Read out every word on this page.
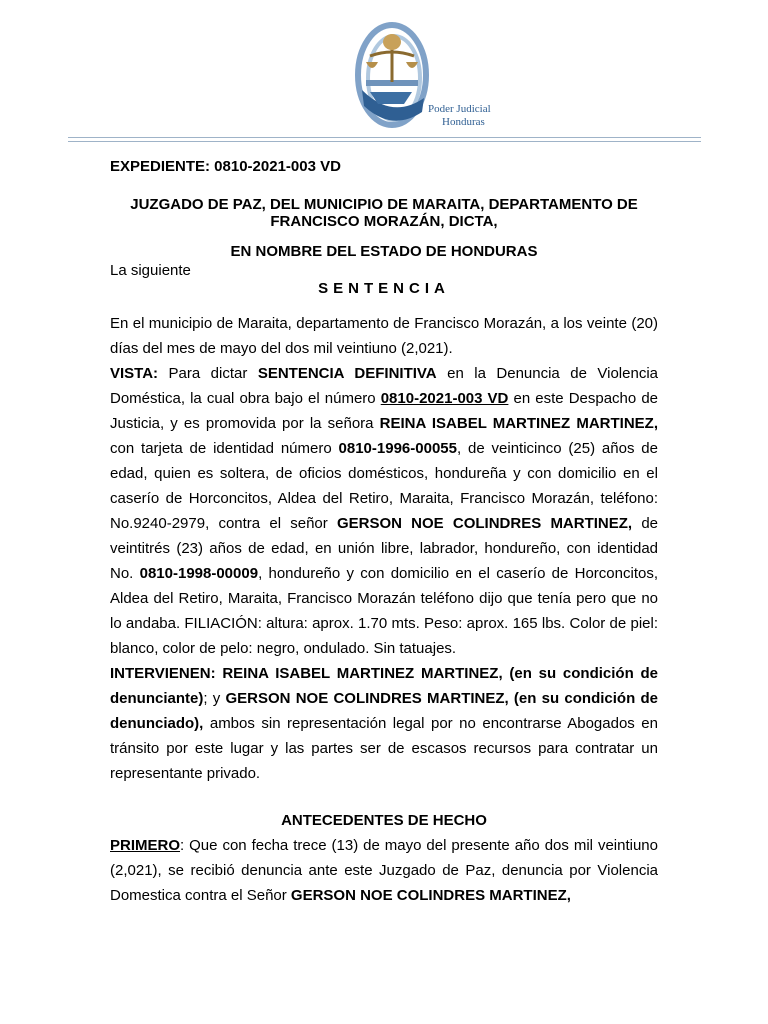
Poder Judicial
Honduras

EXPEDIENTE: 0810-2021-003 VD

JUZGADO DE PAZ, DEL MUNICIPIO DE MARAITA, DEPARTAMENTO DE FRANCISCO MORAZÁN, DICTA,

EN NOMBRE DEL ESTADO DE HONDURAS

La siguiente

SENTENCIA

En el municipio de Maraita, departamento de Francisco Morazán, a los veinte (20) días del mes de mayo del dos mil veintiuno (2,021).

VISTA: Para dictar SENTENCIA DEFINITIVA en la Denuncia de Violencia Doméstica, la cual obra bajo el número 0810-2021-003 VD en este Despacho de Justicia, y es promovida por la señora REINA ISABEL MARTINEZ MARTINEZ, con tarjeta de identidad número 0810-1996-00055, de veinticinco (25) años de edad, quien es soltera, de oficios domésticos, hondureña y con domicilio en el caserío de Horconcitos, Aldea del Retiro, Maraita, Francisco Morazán, teléfono: No.9240-2979, contra el señor GERSON NOE COLINDRES MARTINEZ, de veintitrés (23) años de edad, en unión libre, labrador, hondureño, con identidad No. 0810-1998-00009, hondureño y con domicilio en el caserío de Horconcitos, Aldea del Retiro, Maraita, Francisco Morazán teléfono dijo que tenía pero que no lo andaba. FILIACIÓN: altura: aprox. 1.70 mts. Peso: aprox. 165 lbs. Color de piel: blanco, color de pelo: negro, ondulado. Sin tatuajes.

INTERVIENEN: REINA ISABEL MARTINEZ MARTINEZ, (en su condición de denunciante); y GERSON NOE COLINDRES MARTINEZ, (en su condición de denunciado), ambos sin representación legal por no encontrarse Abogados en tránsito por este lugar y las partes ser de escasos recursos para contratar un representante privado.

ANTECEDENTES DE HECHO

PRIMERO: Que con fecha trece (13) de mayo del presente año dos mil veintiuno (2,021), se recibió denuncia ante este Juzgado de Paz, denuncia por Violencia Domestica contra el Señor GERSON NOE COLINDRES MARTINEZ,
